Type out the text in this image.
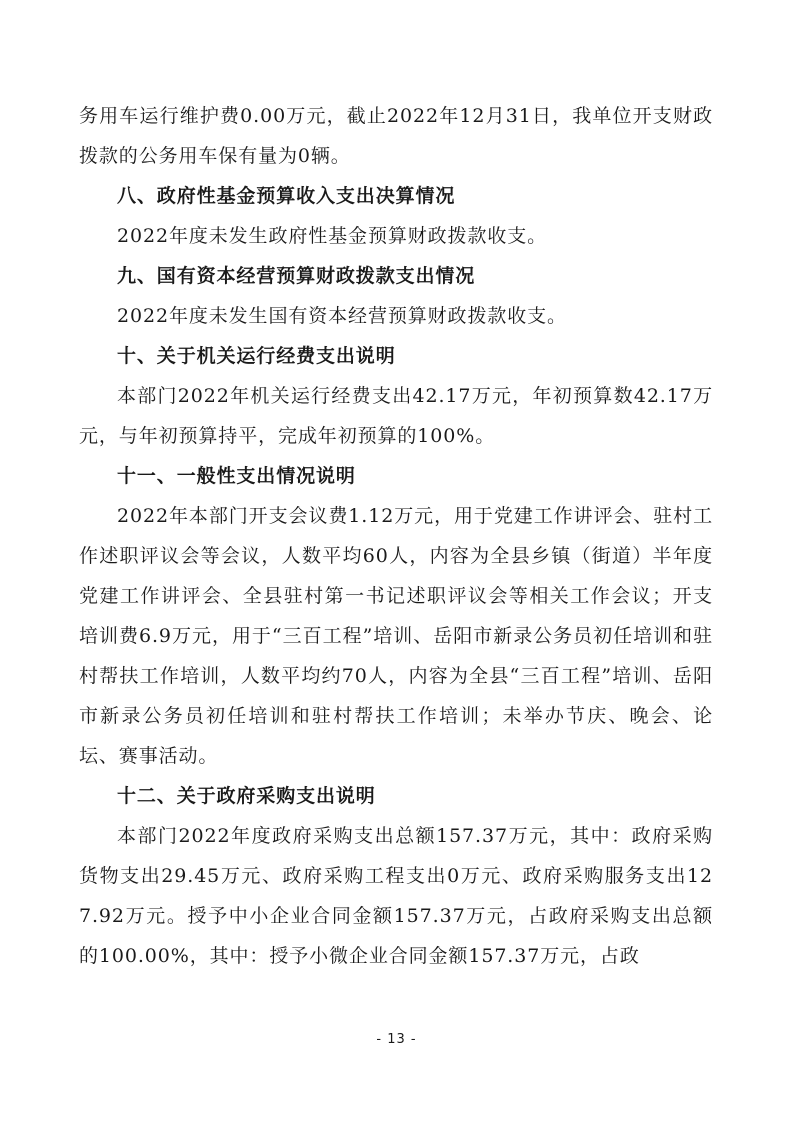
务用车运行维护费0.00万元，截止2022年12月31日，我单位开支财政拨款的公务用车保有量为0辆。

八、政府性基金预算收入支出决算情况

2022年度未发生政府性基金预算财政拨款收支。

九、国有资本经营预算财政拨款支出情况

2022年度未发生国有资本经营预算财政拨款收支。

十、关于机关运行经费支出说明

本部门2022年机关运行经费支出42.17万元，年初预算数42.17万元，与年初预算持平，完成年初预算的100%。

十一、一般性支出情况说明

2022年本部门开支会议费1.12万元，用于党建工作讲评会、驻村工作述职评议会等会议，人数平均60人，内容为全县乡镇（街道）半年度党建工作讲评会、全县驻村第一书记述职评议会等相关工作会议；开支培训费6.9万元，用于“三百工程”培训、岳阳市新录公务员初任培训和驻村帮扶工作培训，人数平均约70人，内容为全县“三百工程”培训、岳阳市新录公务员初任培训和驻村帮扶工作培训；未举办节庆、晚会、论坛、赛事活动。

十二、关于政府采购支出说明

本部门2022年度政府采购支出总额157.37万元，其中：政府采购货物支出29.45万元、政府采购工程支出0万元、政府采购服务支出127.92万元。授予中小企业合同金额157.37万元，占政府采购支出总额的100.00%，其中：授予小微企业合同金额157.37万元，占政

- 13 -
